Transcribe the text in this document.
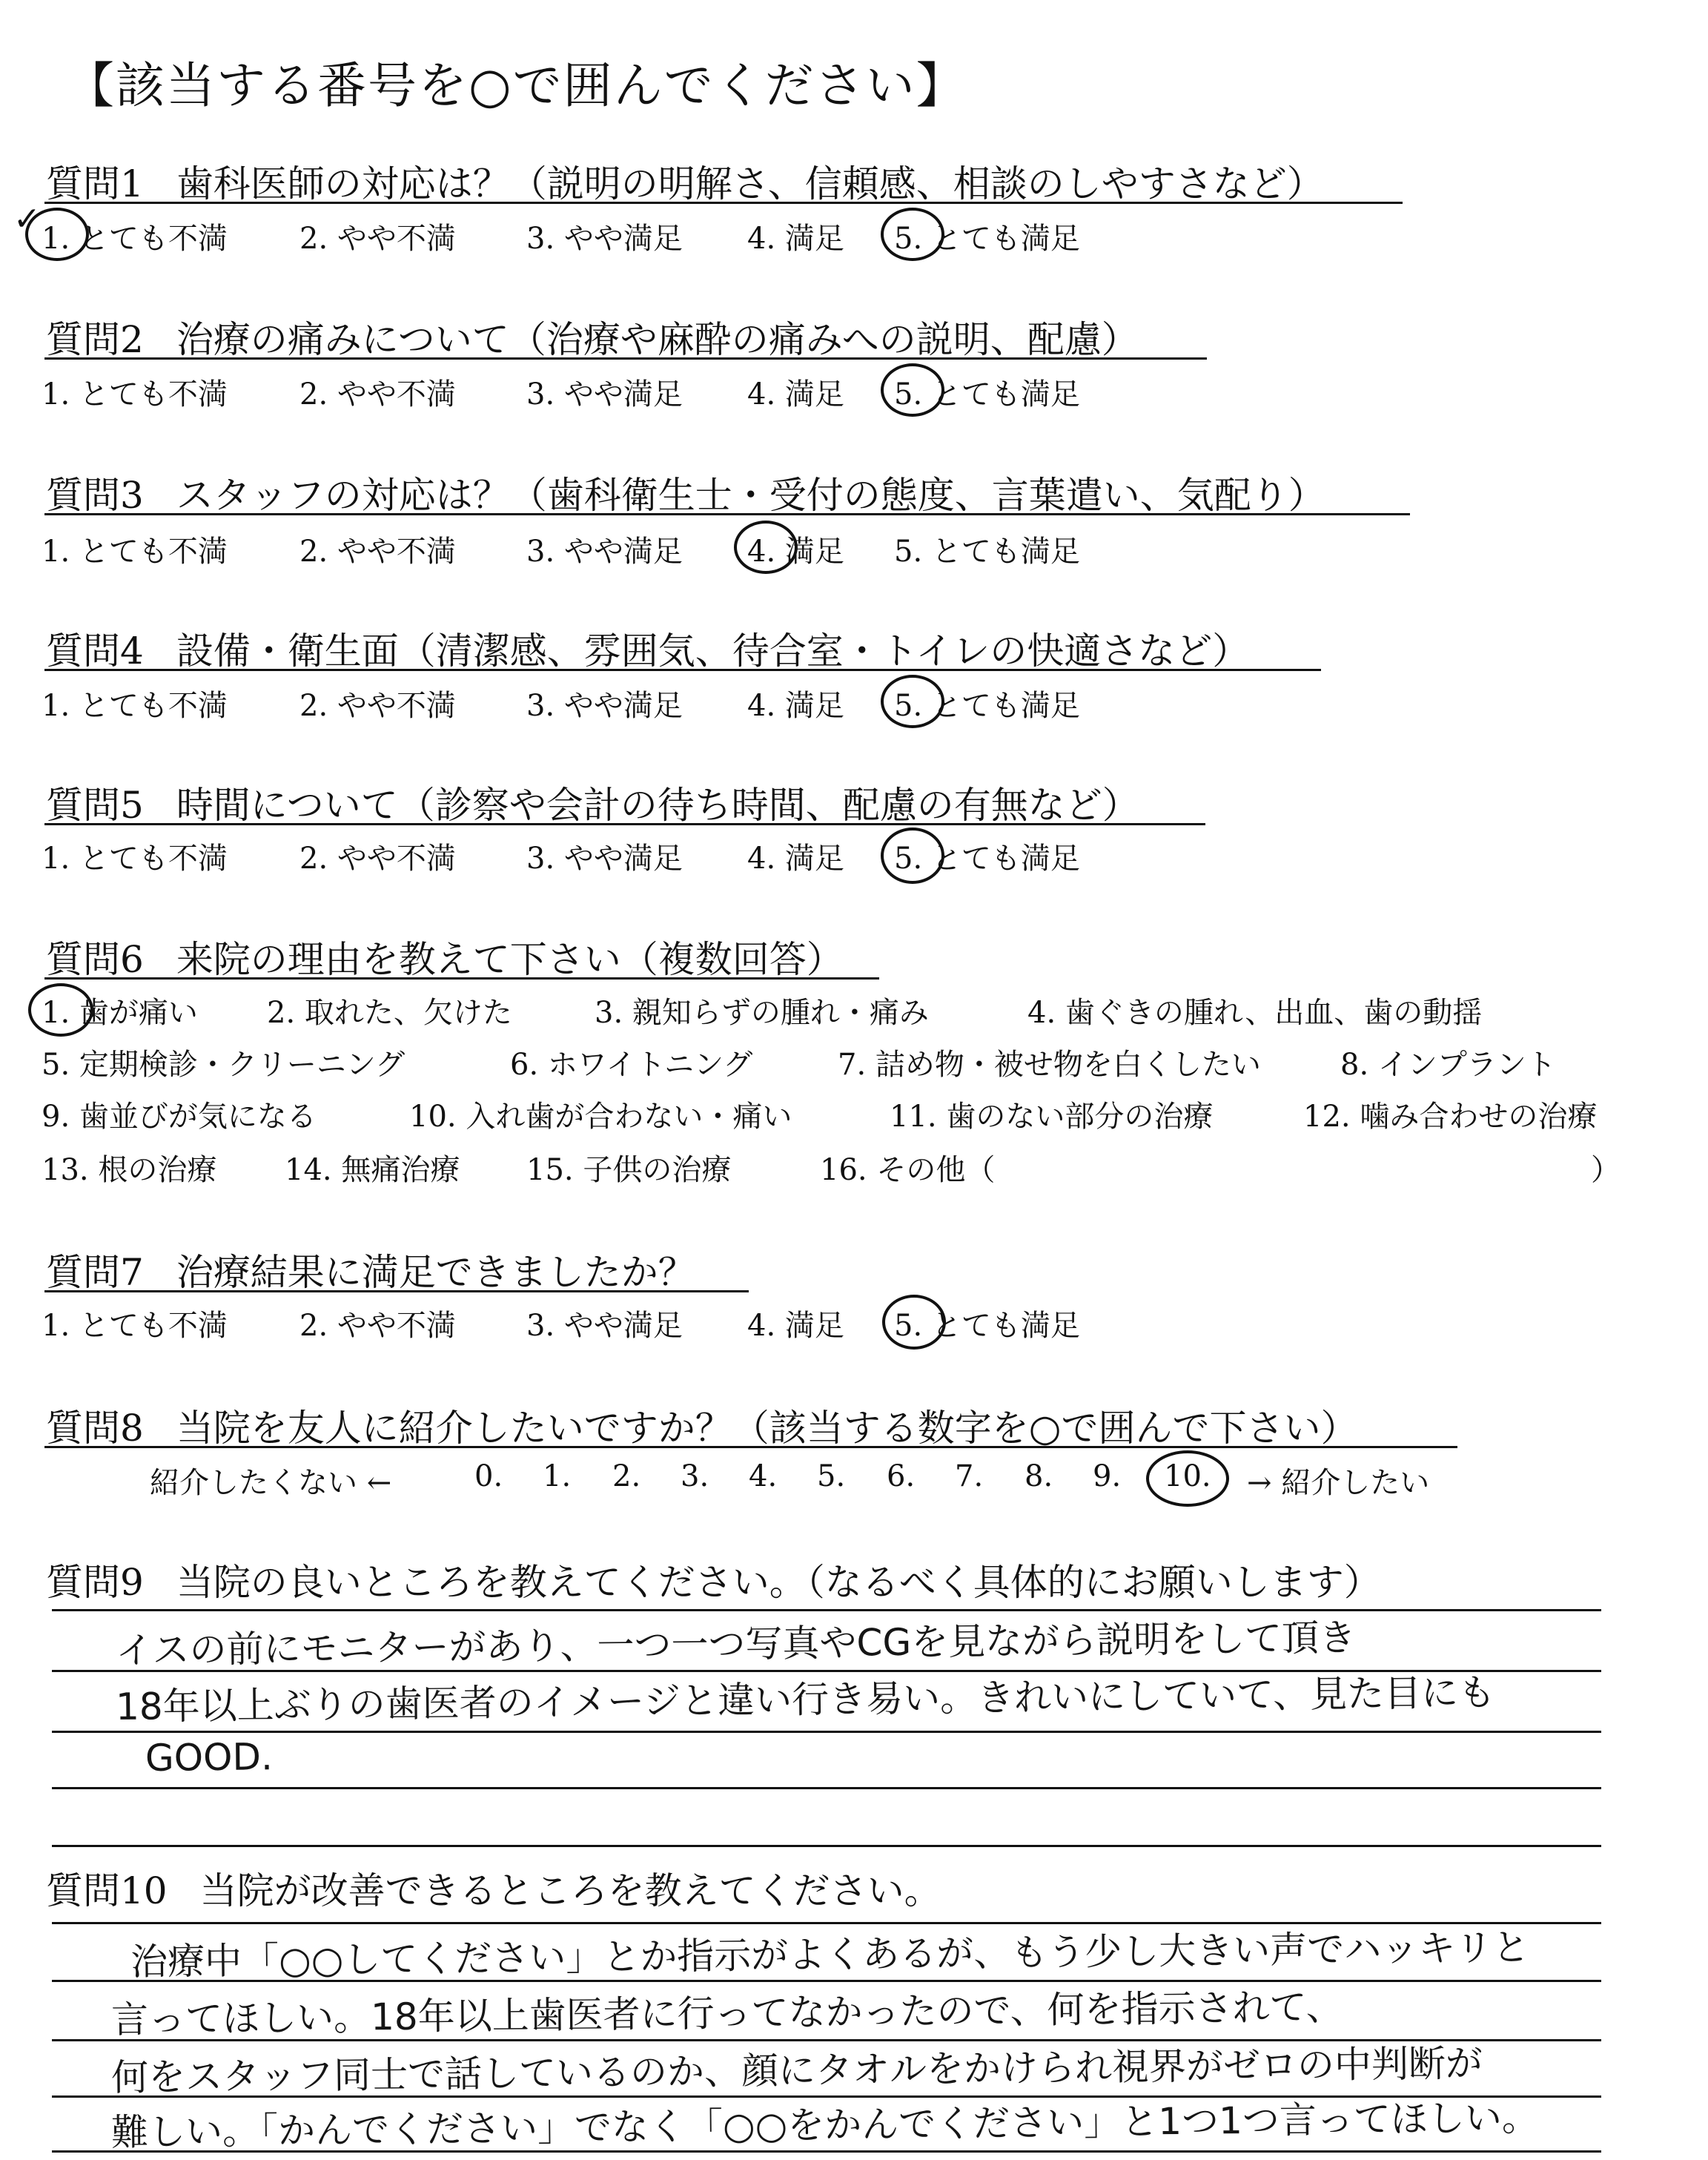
【該当する番号を○で囲んでください】
質問1 歯科医師の対応は？（説明の明解さ、信頼感、相談のしやすさなど）
1. とても不満 2. やや不満 3. やや満足 4. 満足 5. とても満足
✓
質問2 治療の痛みについて（治療や麻酔の痛みへの説明、配慮）
1. とても不満 2. やや不満 3. やや満足 4. 満足 5. とても満足
質問3 スタッフの対応は？（歯科衛生士・受付の態度、言葉遣い、気配り）
1. とても不満 2. やや不満 3. やや満足 4. 満足 5. とても満足
質問4 設備・衛生面（清潔感、雰囲気、待合室・トイレの快適さなど）
1. とても不満 2. やや不満 3. やや満足 4. 満足 5. とても満足
質問5 時間について（診察や会計の待ち時間、配慮の有無など）
1. とても不満 2. やや不満 3. やや満足 4. 満足 5. とても満足
質問6 来院の理由を教えて下さい（複数回答）
1. 歯が痛い 2. 取れた、欠けた	3. 親知らずの腫れ・痛み	4. 歯ぐきの腫れ、出血、歯の動揺
5. 定期検診・クリーニング	6. ホワイトニング	7. 詰め物・被せ物を白くしたい	8. インプラント
9. 歯並びが気になる	10. 入れ歯が合わない・痛い	11. 歯のない部分の治療	12. 噛み合わせの治療
13. 根の治療 14. 無痛治療 15. 子供の治療	16. その他（	）
質問7 治療結果に満足できましたか？
1. とても不満 2. やや不満 3. やや満足 4. 満足 5. とても満足
質問8 当院を友人に紹介したいですか？（該当する数字を○で囲んで下さい）
紹介したくない ←	0. 1. 2. 3. 4. 5. 6. 7. 8. 9. 10. → 紹介したい
質問9 当院の良いところを教えてください。（なるべく具体的にお願いします）
イスの前にモニターがあり、一つ一つ写真やCGを見ながら説明をして頂き
18年以上ぶりの歯医者のイメージと違い行き易い。きれいにしていて、見た目にも
GOOD.
質問10 当院が改善できるところを教えてください。
治療中「○○してください」とか指示がよくあるが、もう少し大きい声でハッキリと
言ってほしい。18年以上歯医者に行ってなかったので、何を指示されて、
何をスタッフ同士で話しているのか、顔にタオルをかけられ視界がゼロの中判断が
難しい。「かんでください」でなく「○○をかんでください」と1つ1つ言ってほしい。
